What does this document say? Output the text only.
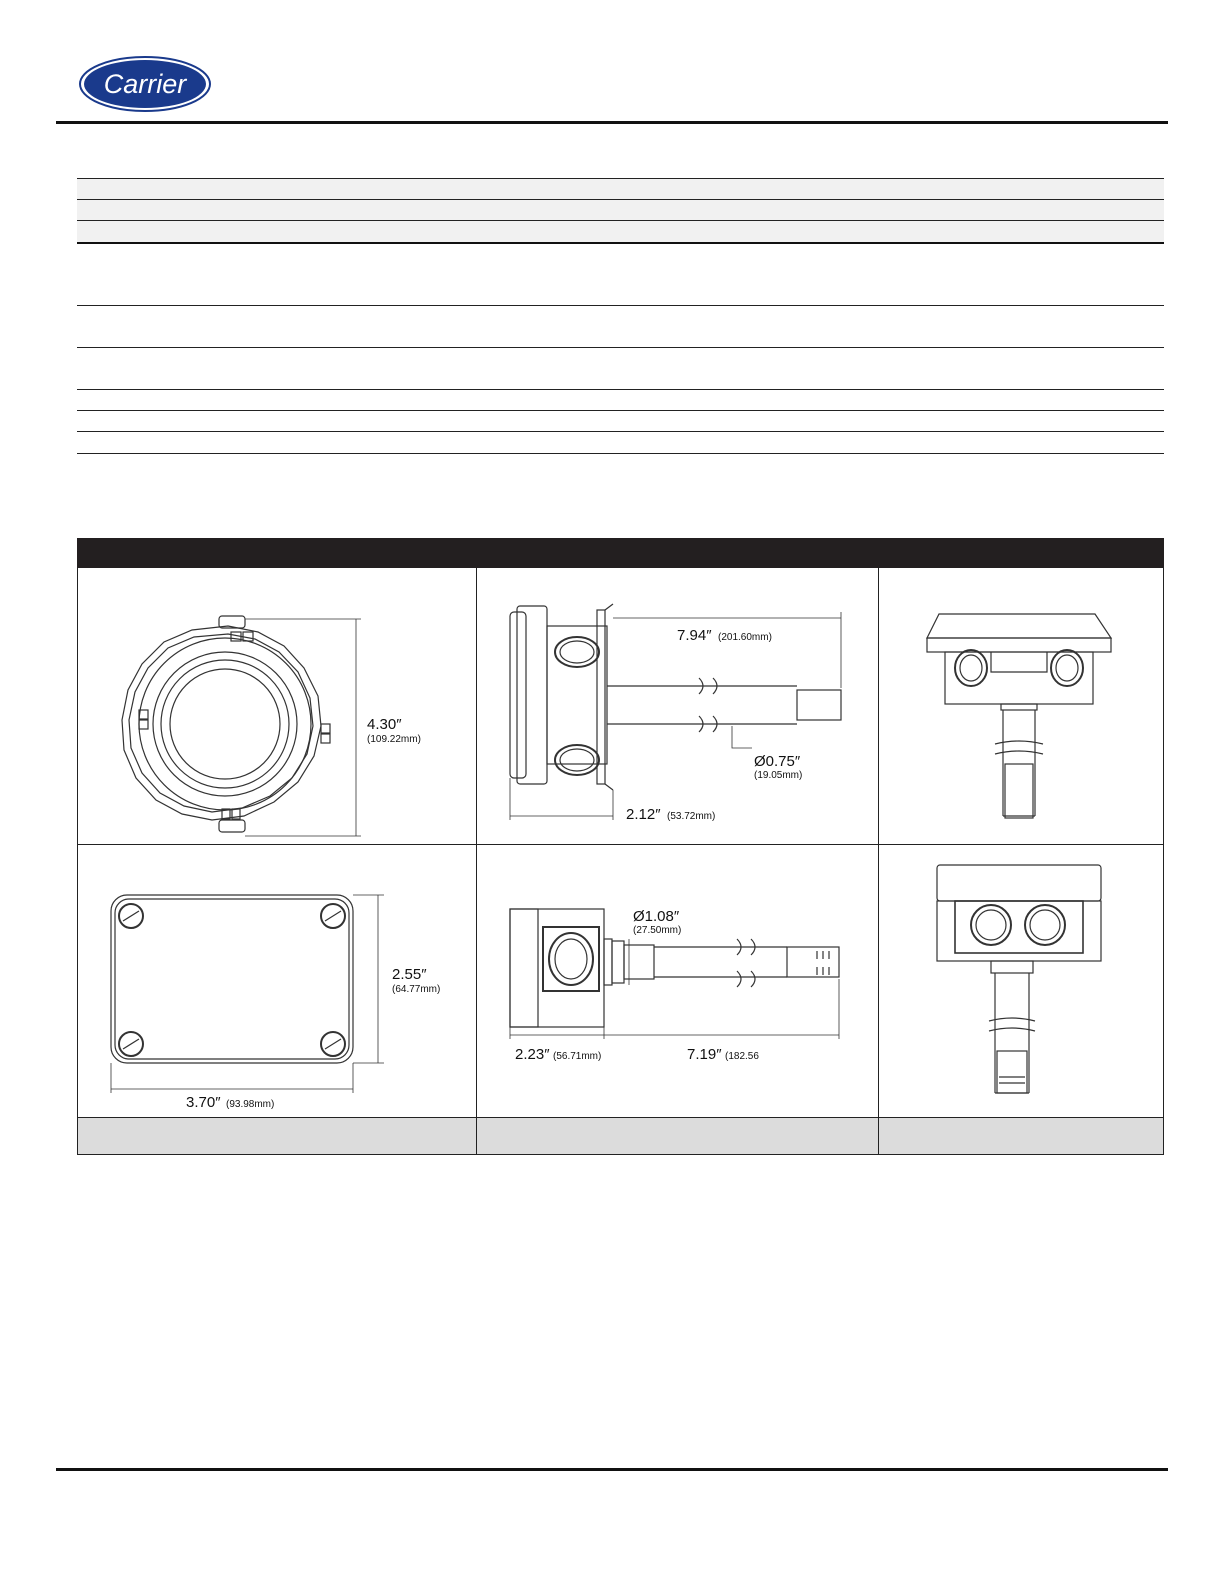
Carrier
4.30″
(109.22mm)
7.94″ (201.60mm)
Ø0.75″
(19.05mm)
2.12″ (53.72mm)
2.55″
(64.77mm)
3.70″ (93.98mm)
Ø1.08″
(27.50mm)
2.23″ (56.71mm)	7.19″ (182.56
